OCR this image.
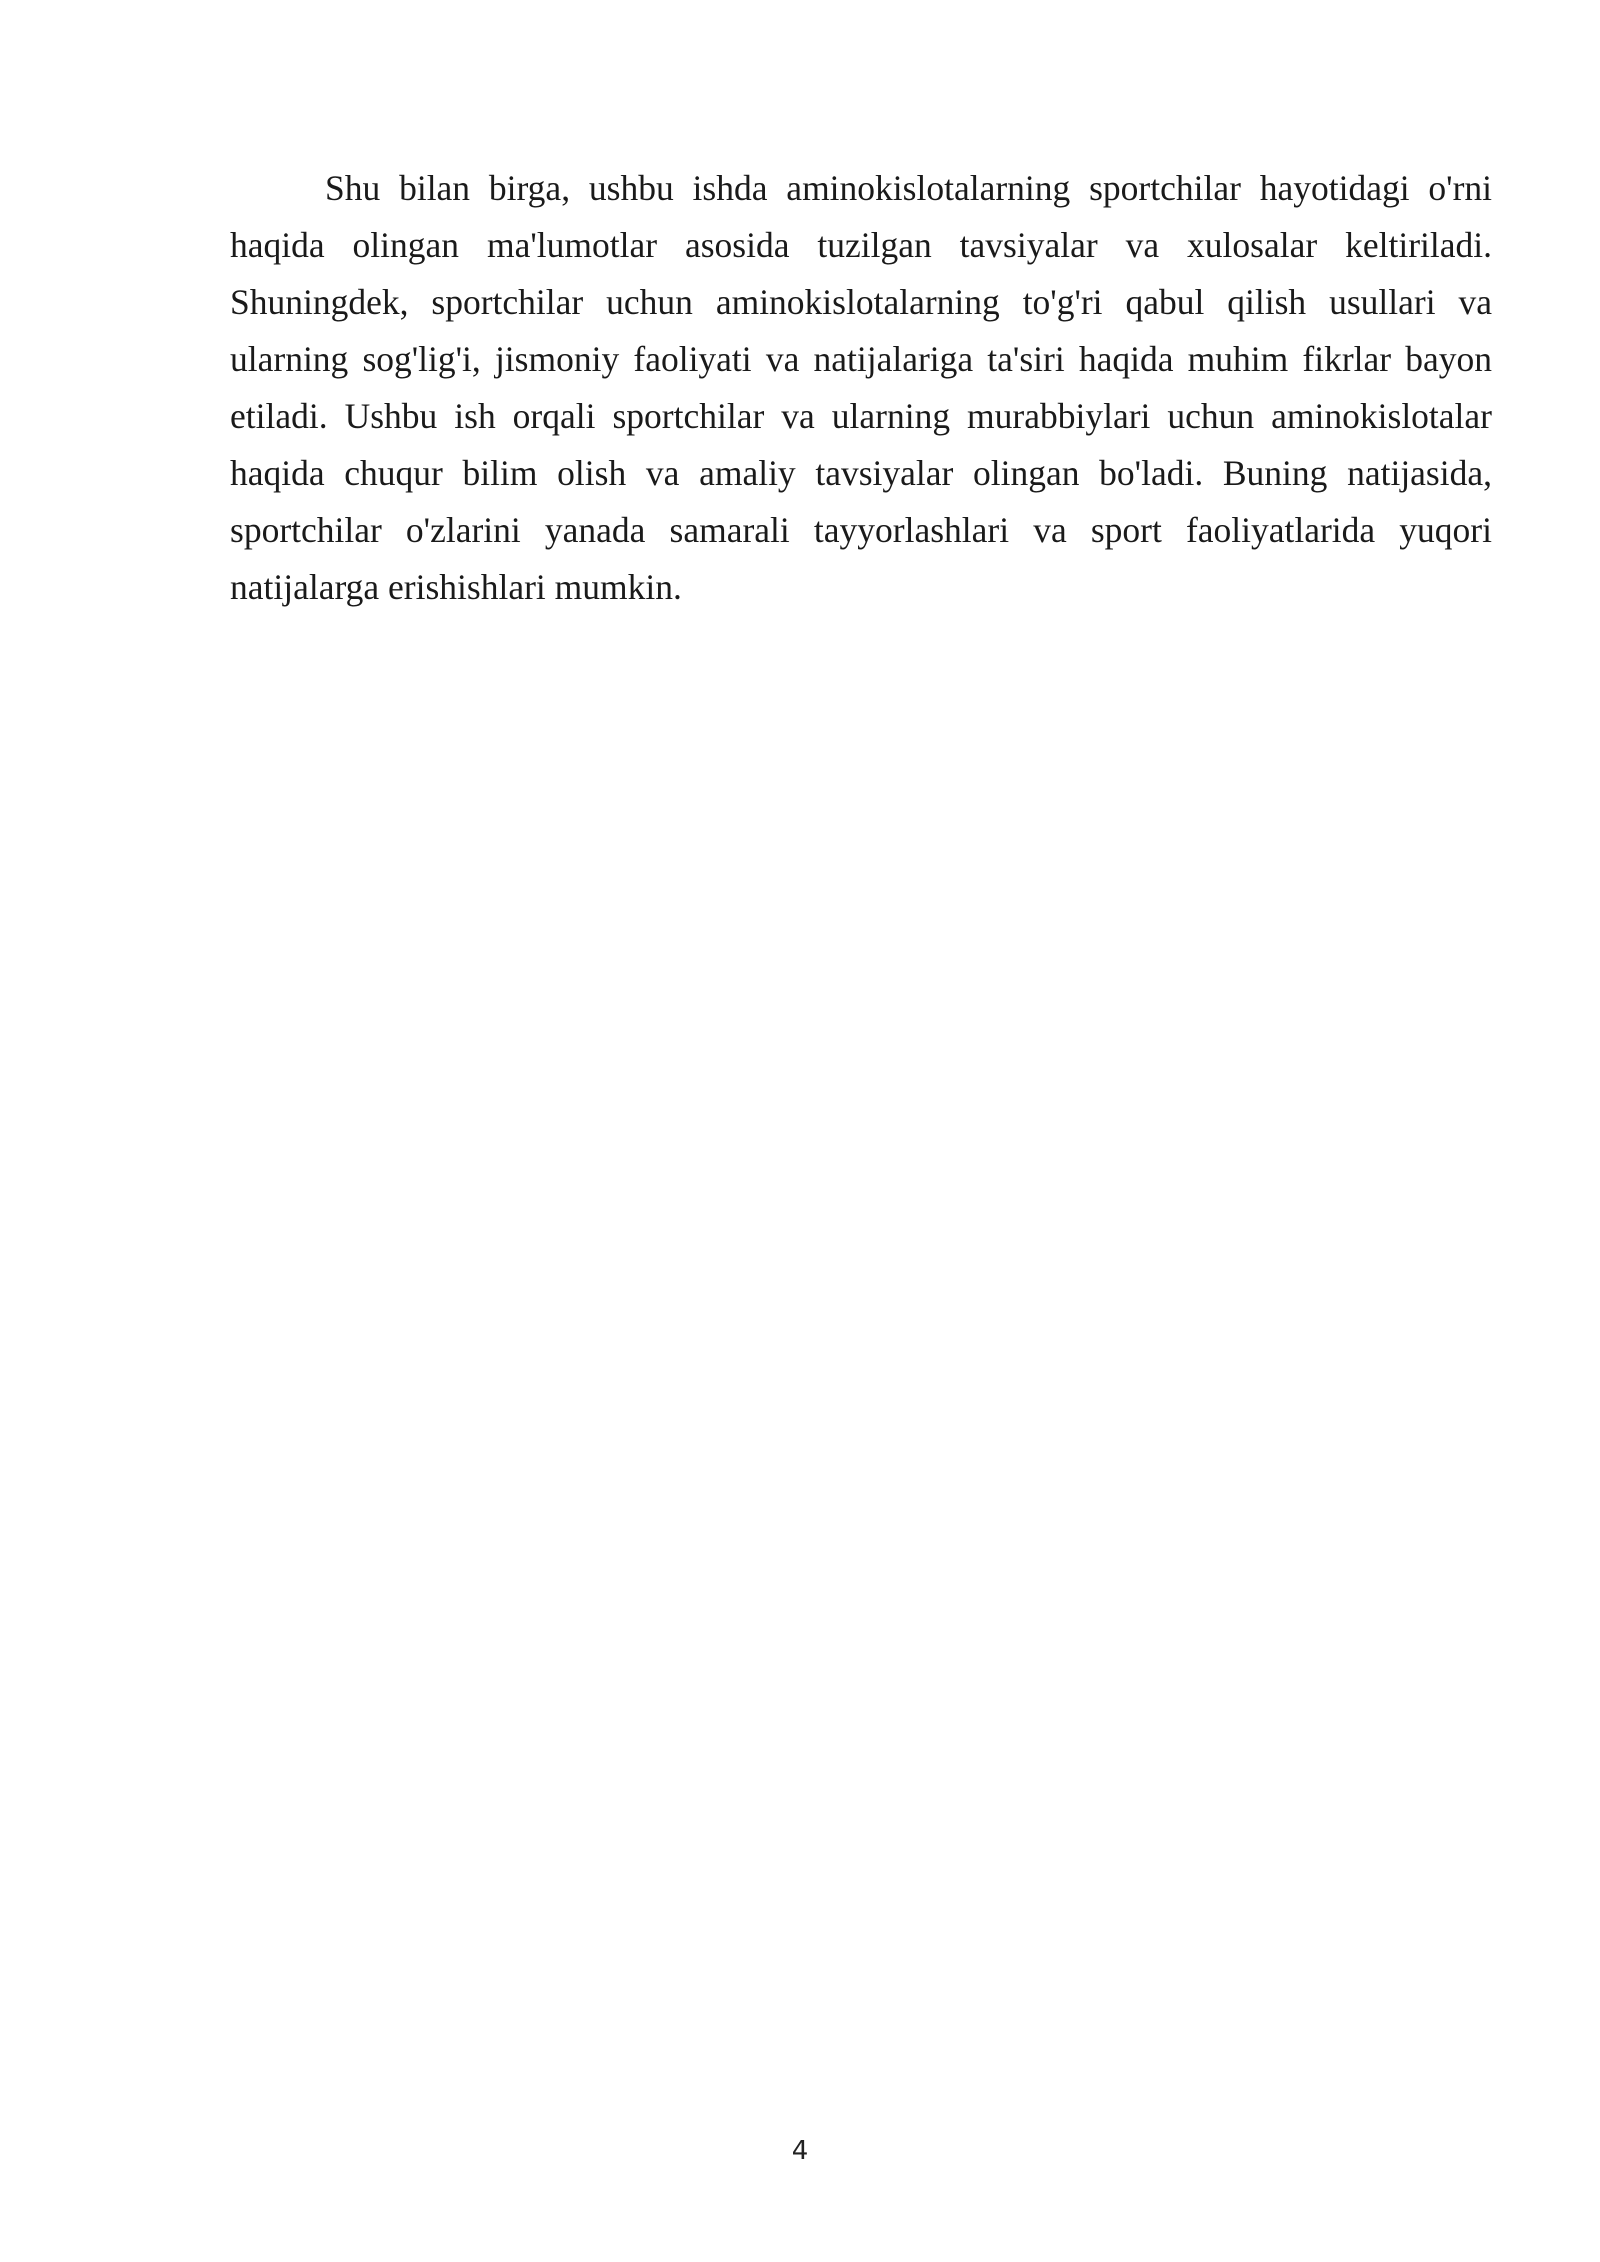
Shu bilan birga, ushbu ishda aminokislotalarning sportchilar hayotidagi o'rni haqida olingan ma'lumotlar asosida tuzilgan tavsiyalar va xulosalar keltiriladi. Shuningdek, sportchilar uchun aminokislotalarning to'g'ri qabul qilish usullari va ularning sog'lig'i, jismoniy faoliyati va natijalariga ta'siri haqida muhim fikrlar bayon etiladi. Ushbu ish orqali sportchilar va ularning murabbiylari uchun aminokislotalar haqida chuqur bilim olish va amaliy tavsiyalar olingan bo'ladi. Buning natijasida, sportchilar o'zlarini yanada samarali tayyorlashlari va sport faoliyatlarida yuqori natijalarga erishishlari mumkin.

4
